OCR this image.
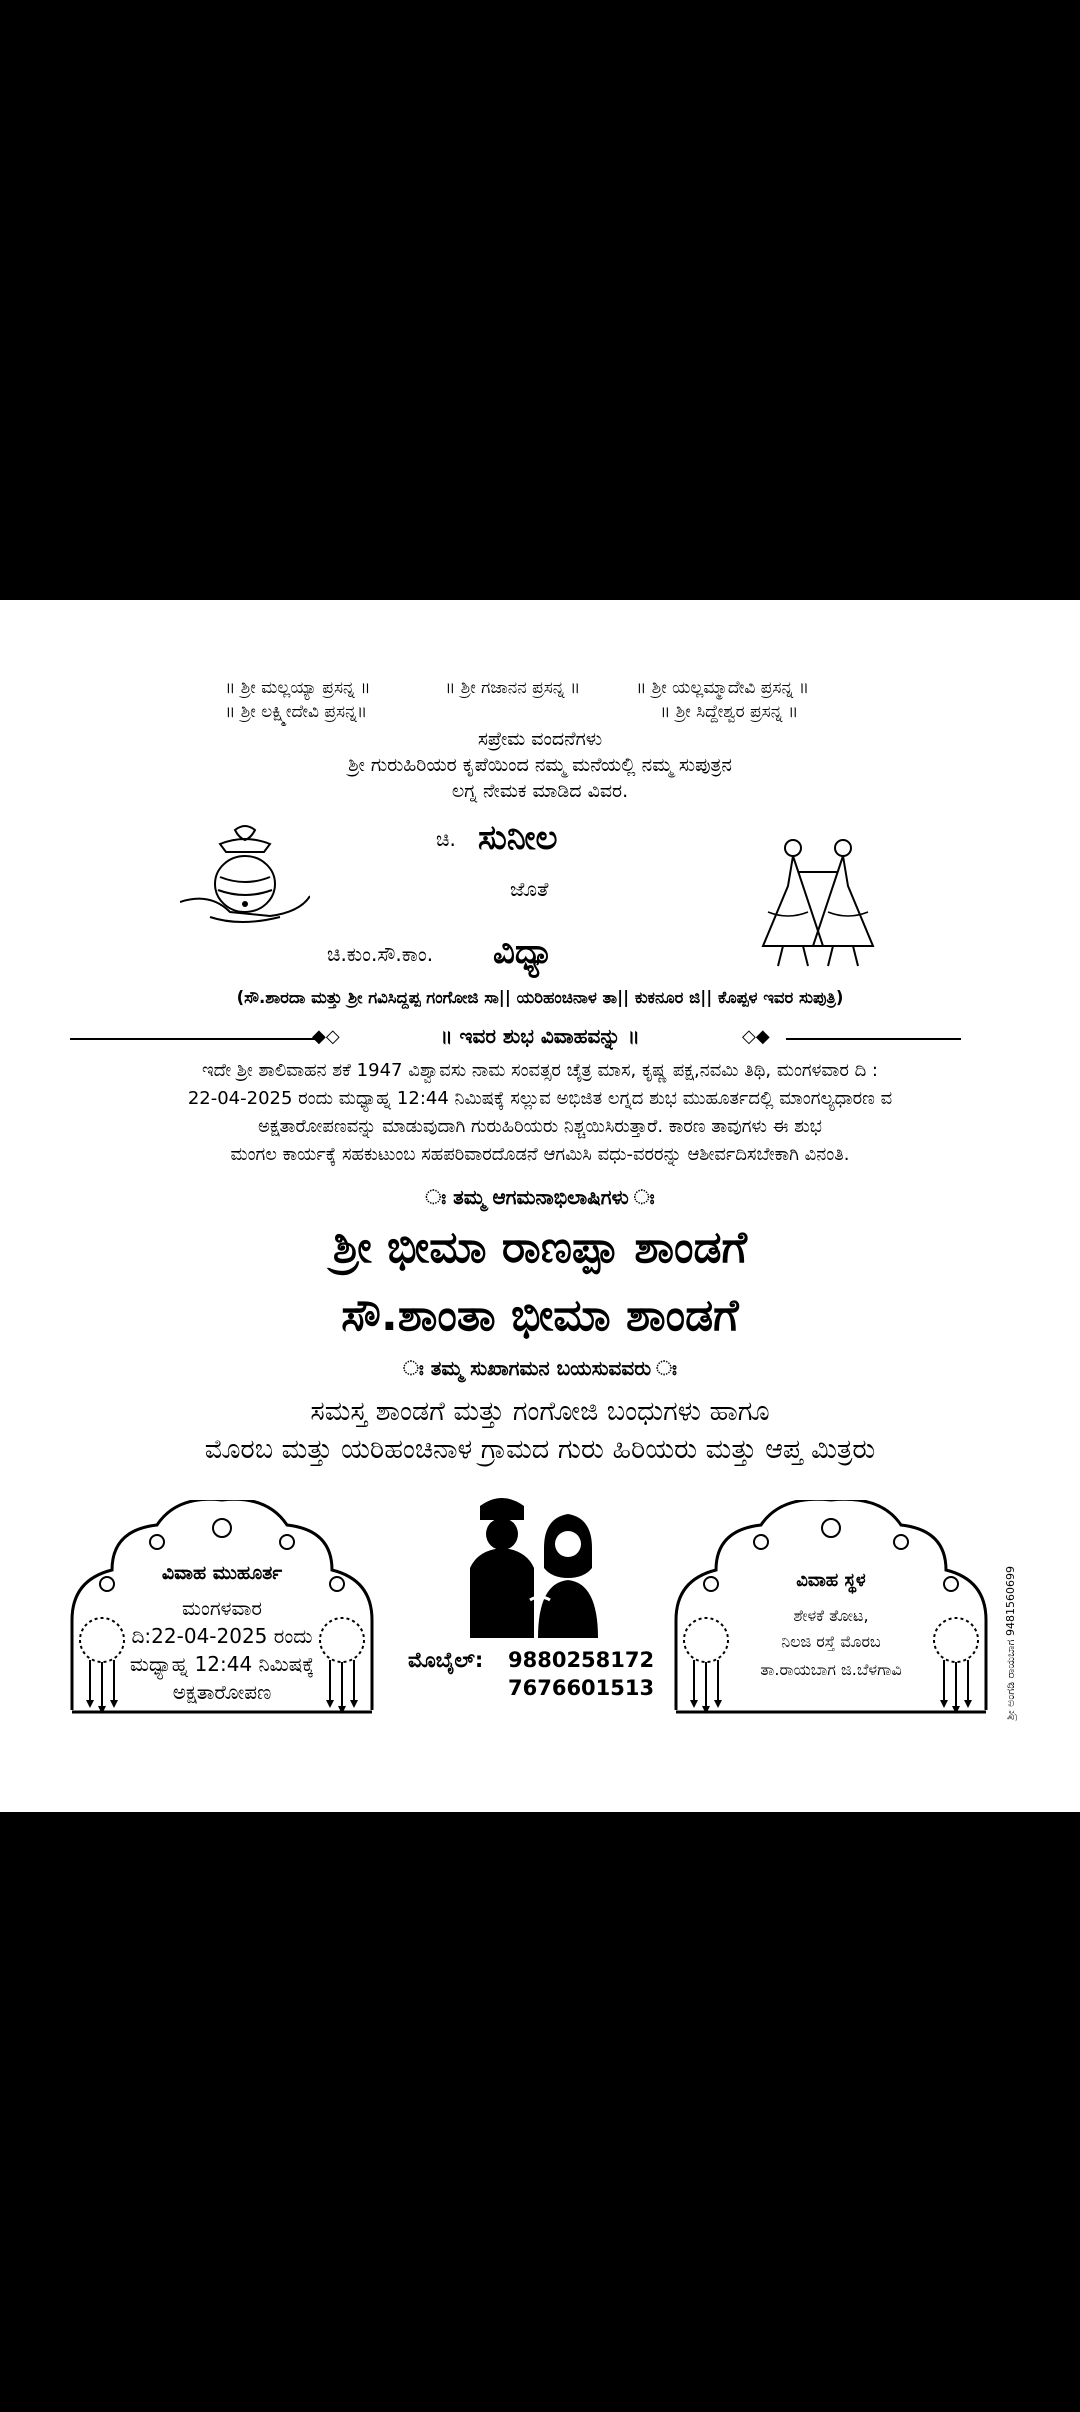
॥ ಶ್ರೀ ಮಲ್ಲಯ್ಯಾ ಪ್ರಸನ್ನ ॥	॥ ಶ್ರೀ ಗಜಾನನ ಪ್ರಸನ್ನ ॥	॥ ಶ್ರೀ ಯಲ್ಲಮ್ಮಾದೇವಿ ಪ್ರಸನ್ನ ॥
॥ ಶ್ರೀ ಲಕ್ಷ್ಮೀದೇವಿ ಪ್ರಸನ್ನ॥	॥ ಶ್ರೀ ಸಿದ್ದೇಶ್ವರ ಪ್ರಸನ್ನ ॥
ಸಪ್ರೇಮ ವಂದನೆಗಳು
ಶ್ರೀ ಗುರುಹಿರಿಯರ ಕೃಪೆಯಿಂದ ನಮ್ಮ ಮನೆಯಲ್ಲಿ ನಮ್ಮ ಸುಪುತ್ರನ
ಲಗ್ನ ನೇಮಕ ಮಾಡಿದ ವಿವರ.
ಚಿ. ಸುನೀಲ
ಜೊತೆ
ಚಿ.ಕುಂ.ಸೌ.ಕಾಂ. ವಿಧ್ಯಾ
(ಸೌ.ಶಾರದಾ ಮತ್ತು ಶ್ರೀ ಗವಿಸಿದ್ದಪ್ಪ ಗಂಗೋಜಿ ಸಾ|| ಯರಿಹಂಚಿನಾಳ ತಾ|| ಕುಕನೂರ ಜಿ|| ಕೊಪ್ಪಳ ಇವರ ಸುಪುತ್ರಿ)
◆◇	॥ ಇವರ ಶುಭ ವಿವಾಹವನ್ನು ॥	◇◆
ಇದೇ ಶ್ರೀ ಶಾಲಿವಾಹನ ಶಕೆ 1947 ವಿಶ್ವಾವಸು ನಾಮ ಸಂವತ್ಸರ ಚೈತ್ರ ಮಾಸ, ಕೃಷ್ಣ ಪಕ್ಷ,ನವಮಿ ತಿಥಿ, ಮಂಗಳವಾರ ದಿ :
22-04-2025 ರಂದು ಮಧ್ಯಾಹ್ನ 12:44 ನಿಮಿಷಕ್ಕೆ ಸಲ್ಲುವ ಅಭಿಜಿತ ಲಗ್ನದ ಶುಭ ಮುಹೂರ್ತದಲ್ಲಿ ಮಾಂಗಲ್ಯಧಾರಣ ವ
ಅಕ್ಷತಾರೋಪಣವನ್ನು ಮಾಡುವುದಾಗಿ ಗುರುಹಿರಿಯರು ನಿಶ್ಚಯಿಸಿರುತ್ತಾರೆ. ಕಾರಣ ತಾವುಗಳು ಈ ಶುಭ
ಮಂಗಲ ಕಾರ್ಯಕ್ಕೆ ಸಹಕುಟುಂಬ ಸಹಪರಿವಾರದೊಡನೆ ಆಗಮಿಸಿ ವಧು-ವರರನ್ನು ಆಶೀರ್ವದಿಸಬೇಕಾಗಿ ವಿನಂತಿ.
ಃ ತಮ್ಮ ಆಗಮನಾಭಿಲಾಷಿಗಳು ಃ
ಶ್ರೀ ಭೀಮಾ ರಾಣಪ್ಪಾ ಶಾಂಡಗೆ
ಸೌ.ಶಾಂತಾ ಭೀಮಾ ಶಾಂಡಗೆ
ಃ ತಮ್ಮ ಸುಖಾಗಮನ ಬಯಸುವವರು ಃ
ಸಮಸ್ತ ಶಾಂಡಗೆ ಮತ್ತು ಗಂಗೋಜಿ ಬಂಧುಗಳು ಹಾಗೂ
ಮೊರಬ ಮತ್ತು ಯರಿಹಂಚಿನಾಳ ಗ್ರಾಮದ ಗುರು ಹಿರಿಯರು ಮತ್ತು ಆಪ್ತ ಮಿತ್ರರು
ವಿವಾಹ ಮುಹೂರ್ತ
ಮಂಗಳವಾರ
ದಿ:22-04-2025 ರಂದು
ಮಧ್ಯಾಹ್ನ 12:44 ನಿಮಿಷಕ್ಕೆ
ಅಕ್ಷತಾರೋಪಣ
ಮೊಬೈಲ್: 9880258172
7676601513
ವಿವಾಹ ಸ್ಥಳ
ಶೇಳಕೆ ತೋಟ,
ನಿಲಜಿ ರಸ್ತೆ ಮೊರಬ
ತಾ.ರಾಯಬಾಗ ಜಿ.ಬೆಳಗಾವಿ	ಶ್ರೀ ಅಂಗಡಿ ರಾಯಬಾಗ 9481560699
